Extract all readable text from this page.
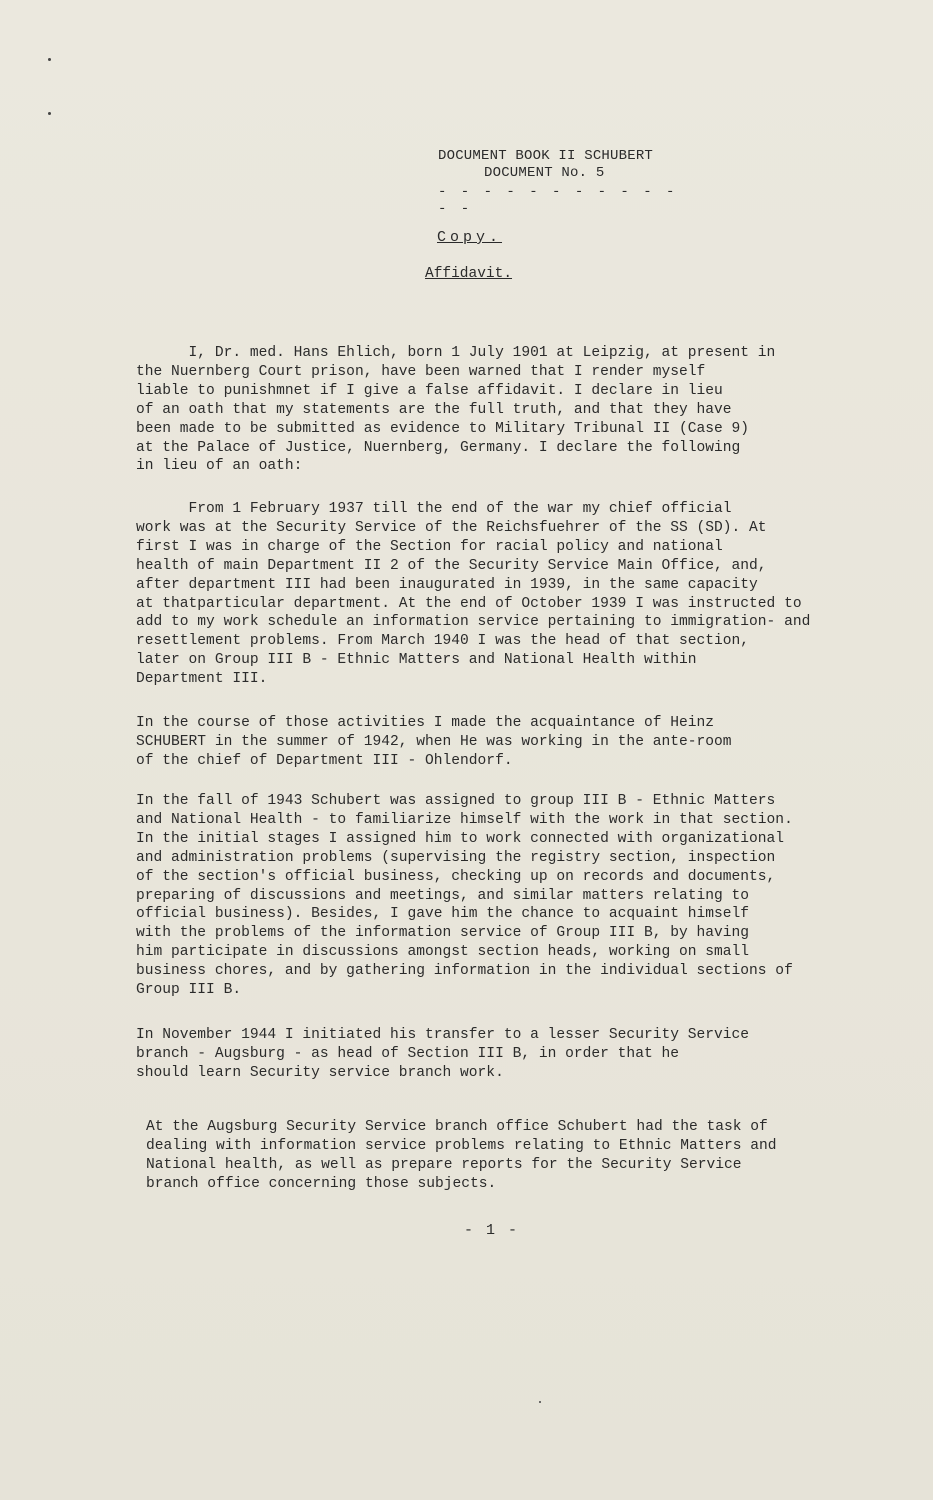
DOCUMENT BOOK II SCHUBERT
DOCUMENT No. 5
- - - - - - - - - - - - -
Copy.
Affidavit.
I, Dr. med. Hans Ehlich, born 1 July 1901 at Leipzig, at present in
the Nuernberg Court prison, have been warned that I render myself
liable to punishmnet if I give a false affidavit. I declare in lieu
of an oath that my statements are the full truth, and that they have
been made to be submitted as evidence to Military Tribunal II (Case 9)
at the Palace of Justice, Nuernberg, Germany. I declare the following
in lieu of an oath:
From 1 February 1937 till the end of the war my chief official
work was at the Security Service of the Reichsfuehrer of the SS (SD). At
first I was in charge of the Section for racial policy and national
health of main Department II 2 of the Security Service Main Office, and,
after department III had been inaugurated in 1939, in the same capacity
at thatparticular department. At the end of October 1939 I was instructed to
add to my work schedule an information service pertaining to immigration- and
resettlement problems. From March 1940 I was the head of that section,
later on Group III B - Ethnic Matters and National Health within
Department III.
In the course of those activities I made the acquaintance of Heinz
SCHUBERT in the summer of 1942, when He was working in the ante-room
of the chief of Department III - Ohlendorf.
In the fall of 1943 Schubert was assigned to group III B - Ethnic Matters
and National Health - to familiarize himself with the work in that section.
In the initial stages I assigned him to work connected with organizational
and administration problems (supervising the registry section, inspection
of the section's official business, checking up on records and documents,
preparing of discussions and meetings, and similar matters relating to
official business). Besides, I gave him the chance to acquaint himself
with the problems of the information service of Group III B, by having
him participate in discussions amongst section heads, working on small
business chores, and by gathering information in the individual sections of
Group III B.
In November 1944 I initiated his transfer to a lesser Security Service
branch - Augsburg - as head of Section III B, in order that he
should learn Security service branch work.
At the Augsburg Security Service branch office Schubert had the task of
dealing with information service problems relating to Ethnic Matters and
National health, as well as prepare reports for the Security Service
branch office concerning those subjects.
- 1 -
